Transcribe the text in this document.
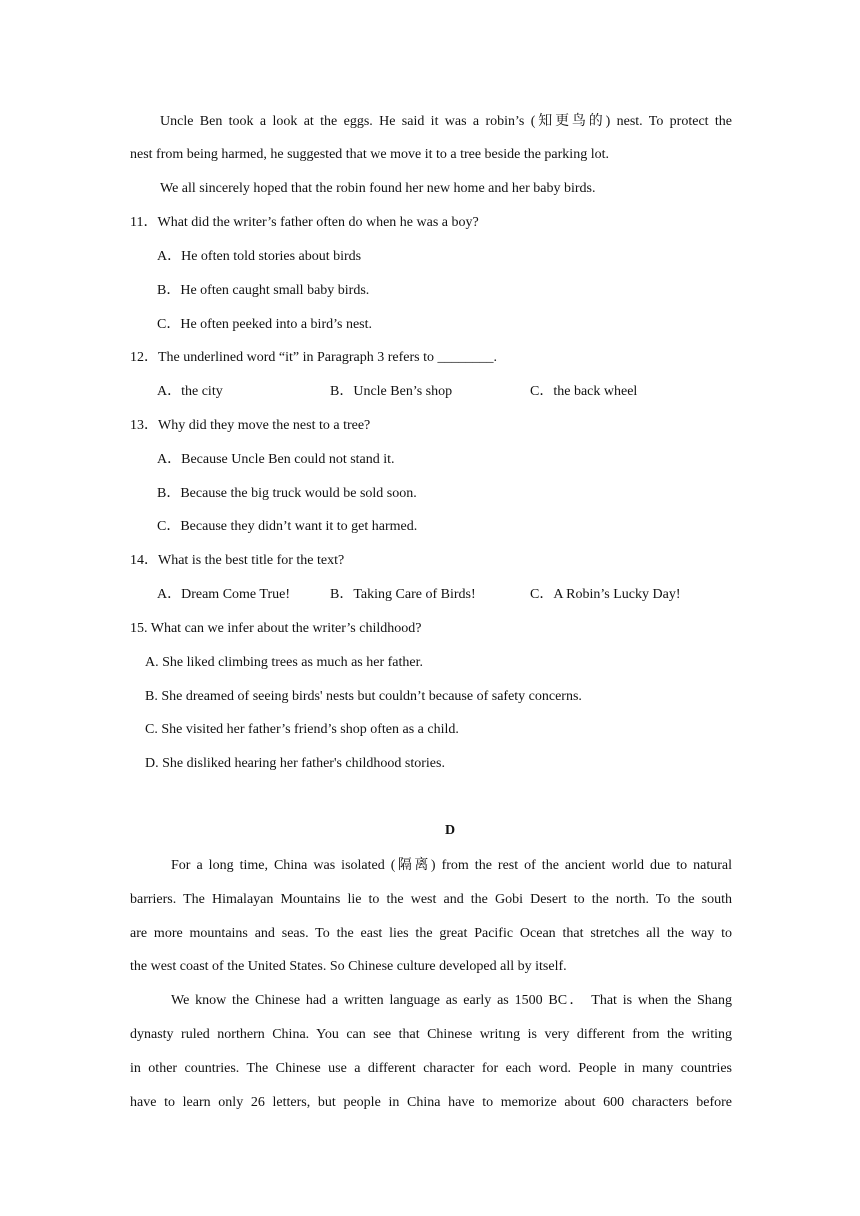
Uncle Ben took a look at the eggs. He said it was a robin’s (知更鸟的) nest. To protect the
nest from being harmed, he suggested that we move it to a tree beside the parking lot.
We all sincerely hoped that the robin found her new home and her baby birds.
11．What did the writer’s father often do when he was a boy?
A．He often told stories about birds
B．He often caught small baby birds.
C．He often peeked into a bird’s nest.
12．The underlined word “it” in Paragraph 3 refers to ________.
A．the city	B．Uncle Ben’s shop	C．the back wheel
13．Why did they move the nest to a tree?
A．Because Uncle Ben could not stand it.
B．Because the big truck would be sold soon.
C．Because they didn’t want it to get harmed.
14．What is the best title for the text?
A．Dream Come True!	B．Taking Care of Birds!	C．A Robin’s Lucky Day!
15. What can we infer about the writer’s childhood?
A. She liked climbing trees as much as her father.
B. She dreamed of seeing birds' nests but couldn’t because of safety concerns.
C. She visited her father’s friend’s shop often as a child.
D. She disliked hearing her father's childhood stories.
D
For a long time, China was isolated (隔离) from the rest of the ancient world due to natural
barriers. The Himalayan Mountains lie to the west and the Gobi Desert to the north. To the south
are more mountains and seas. To the east lies the great Pacific Ocean that stretches all the way to
the west coast of the United States. So Chinese culture developed all by itself.
We know the Chinese had a written language as early as 1500 BC． That is when the Shang
dynasty ruled northern China. You can see that Chinese writıng is very different from the writing
in other countries. The Chinese use a different character for each word. People in many countries
have to learn only 26 letters, but people in China have to memorize about 600 characters before
